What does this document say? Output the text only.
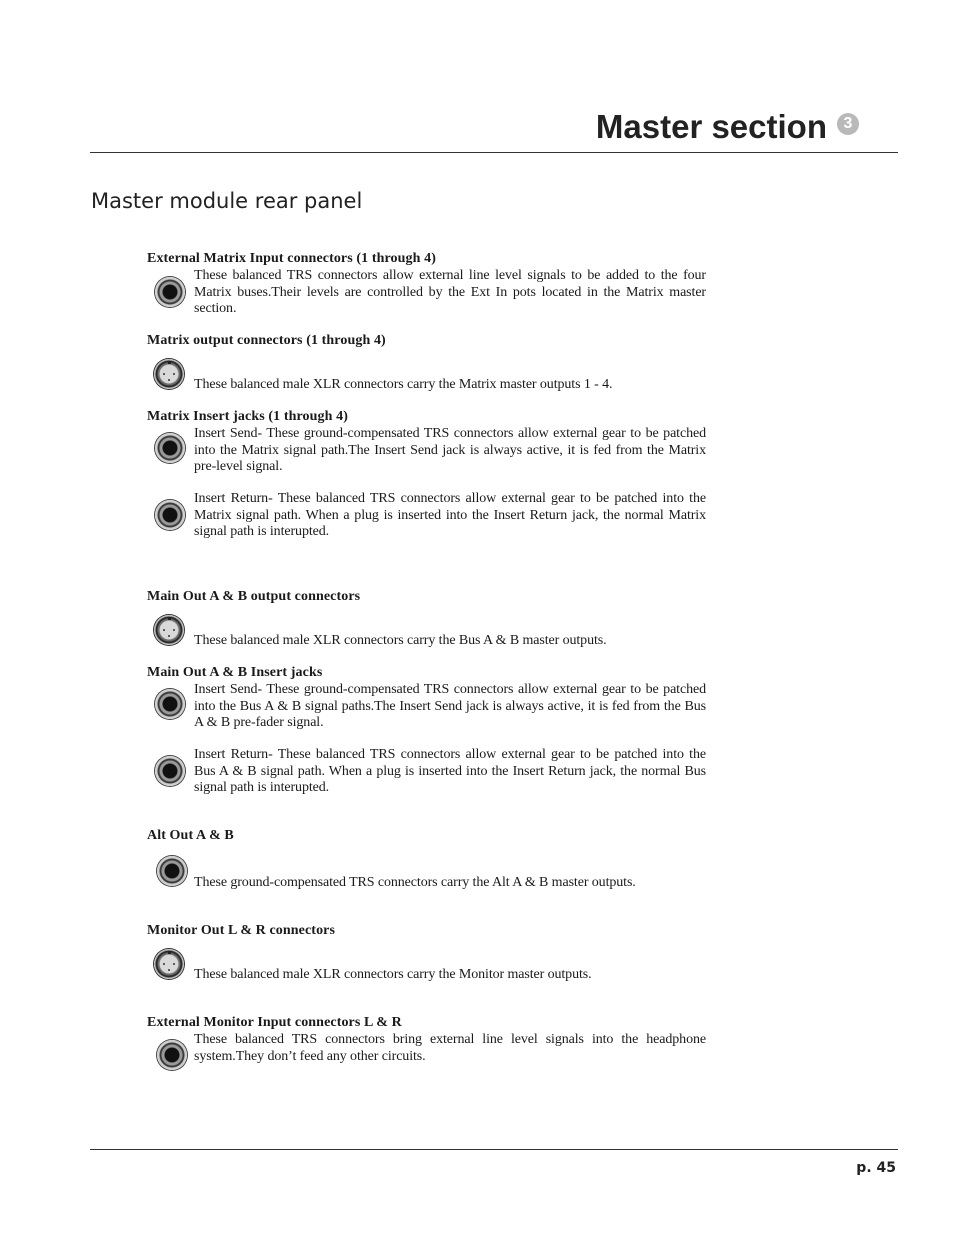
Master section	3
Master module rear panel
External Matrix Input connectors (1 through 4)
These balanced TRS connectors allow external line level signals to be added to the four Matrix buses.Their levels are controlled by the Ext In pots located in the Matrix master section.
Matrix output connectors (1 through 4)
These balanced male XLR connectors carry the Matrix master outputs 1 - 4.
Matrix Insert jacks (1 through 4)
Insert Send- These ground-compensated TRS connectors allow external gear to be patched into the Matrix signal path.The Insert Send jack is always active, it is fed from the Matrix pre-level signal.
Insert Return- These balanced TRS connectors allow external gear to be patched into the Matrix signal path. When a plug is inserted into the Insert Return jack, the normal Matrix signal path is interupted.
Main Out A & B output connectors
These balanced male XLR connectors carry the Bus A & B master outputs.
Main Out A & B Insert jacks
Insert Send- These ground-compensated TRS connectors allow external gear to be patched into the Bus A & B signal paths.The Insert Send jack is always active, it is fed from the Bus A & B pre-fader signal.
Insert Return- These balanced TRS connectors allow external gear to be patched into the Bus A & B signal path. When a plug is inserted into the Insert Return jack, the normal Bus signal path is interupted.
Alt Out A & B
These ground-compensated TRS connectors carry the Alt A & B master outputs.
Monitor Out L & R connectors
These balanced male XLR connectors carry the Monitor master outputs.
External Monitor Input connectors L & R
These balanced TRS connectors bring external line level signals into the headphone system.They don’t feed any other circuits.
p. 45
